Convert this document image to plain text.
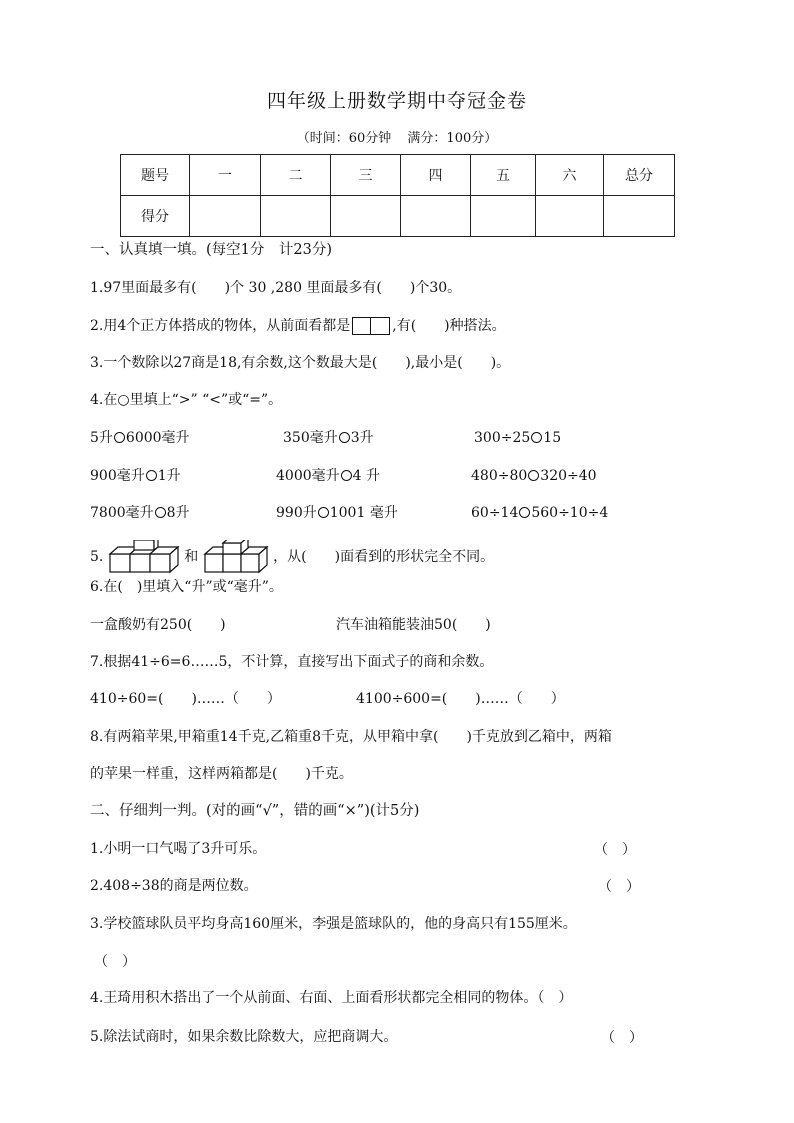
四年级上册数学期中夺冠金卷
（时间：60分钟 满分：100分）
题号	一	二	三	四	五	六	总分
得分							
一、认真填一填。(每空1分　计23分)
1.97里面最多有(　　)个 30 ,280 里面最多有(　　)个30。
2.用4个正方体搭成的物体，从前面看都是	,有(　　)种搭法。
3.一个数除以27商是18,有余数,这个数最大是(　　),最小是(　　)。
4.在○里填上“>” “<”或“=”。
5升 6000毫升	350毫升 3升	300÷25 15
900毫升 1升	4000毫升 4 升	480÷80 320÷40
7800毫升 8升	990升 1001 毫升	60÷14 560÷10÷4
5.	和	，从(　　)面看到的形状完全不同。
6.在(　)里填入“升”或“毫升”。
一盒酸奶有250(　　)	汽车油箱能装油50(　　)
7.根据41÷6=6……5，不计算，直接写出下面式子的商和余数。
410÷60=(　　)……（　　）	4100÷600=(　　)……（　　）
8.有两箱苹果,甲箱重14千克,乙箱重8千克，从甲箱中拿(　　)千克放到乙箱中，两箱
的苹果一样重，这样两箱都是(　　)千克。
二、仔细判一判。(对的画“√”，错的画“×”)(计5分)
1.小明一口气喝了3升可乐。	（　）
2.408÷38的商是两位数。	（　）
3.学校篮球队员平均身高160厘米，李强是篮球队的，他的身高只有155厘米。
（　）
4.王琦用积木搭出了一个从前面、右面、上面看形状都完全相同的物体。（　）
5.除法试商时，如果余数比除数大，应把商调大。	（　）
